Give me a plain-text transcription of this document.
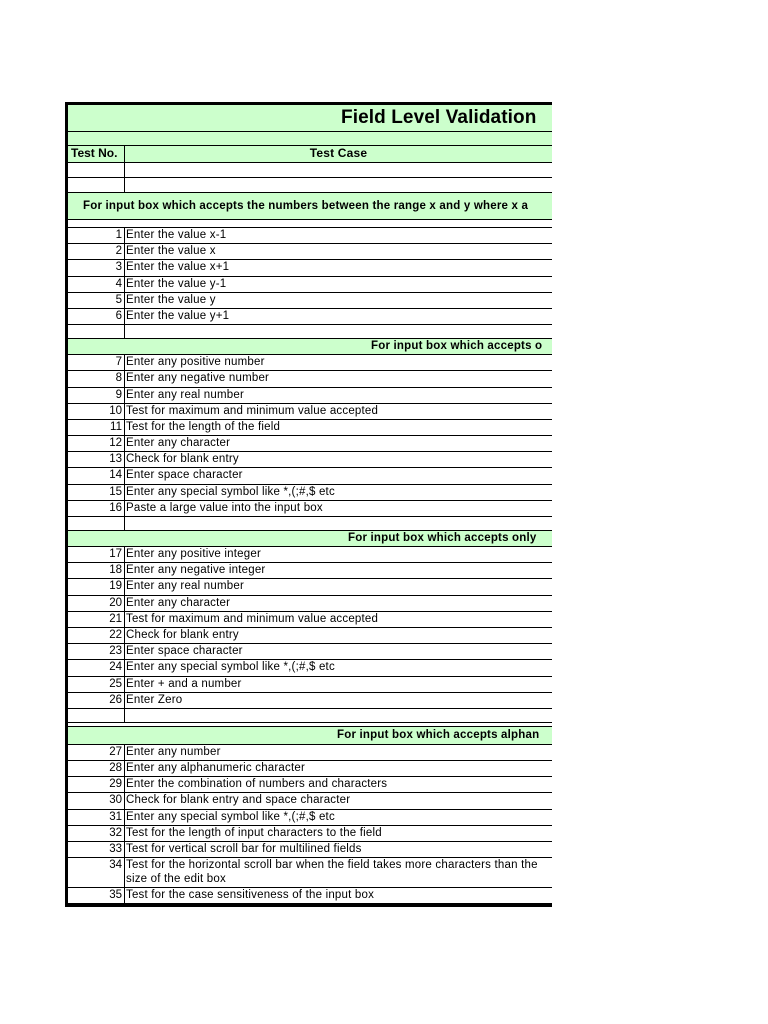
Field Level Validation
Test No.	Test Case
For input box which accepts the numbers between the range x and y where x a
1 Enter the value x-1
2 Enter the value x
3 Enter the value x+1
4 Enter the value y-1
5 Enter the value y
6 Enter the value y+1
For input box which accepts o
7 Enter any positive number
8 Enter any negative number
9 Enter any real number
10 Test for maximum and minimum value accepted
11 Test for the length of the field
12 Enter any character
13 Check for blank entry
14 Enter space character
15 Enter any special symbol like *,(;#,$ etc
16 Paste a large value into the input box
For input box which accepts only
17 Enter any positive integer
18 Enter any negative integer
19 Enter any real number
20 Enter any character
21 Test for maximum and minimum value accepted
22 Check for blank entry
23 Enter space character
24 Enter any special symbol like *,(;#,$ etc
25 Enter + and a number
26 Enter Zero
For input box which accepts alphan
27 Enter any number
28 Enter any alphanumeric character
29 Enter the combination of numbers and characters
30 Check for blank entry and space character
31 Enter any special symbol like *,(;#,$ etc
32 Test for the length of input characters to the field
33 Test for vertical scroll bar for multilined fields
34 Test for the horizontal scroll bar when the field takes more characters than the size of the edit box
35 Test for the case sensitiveness of the input box
